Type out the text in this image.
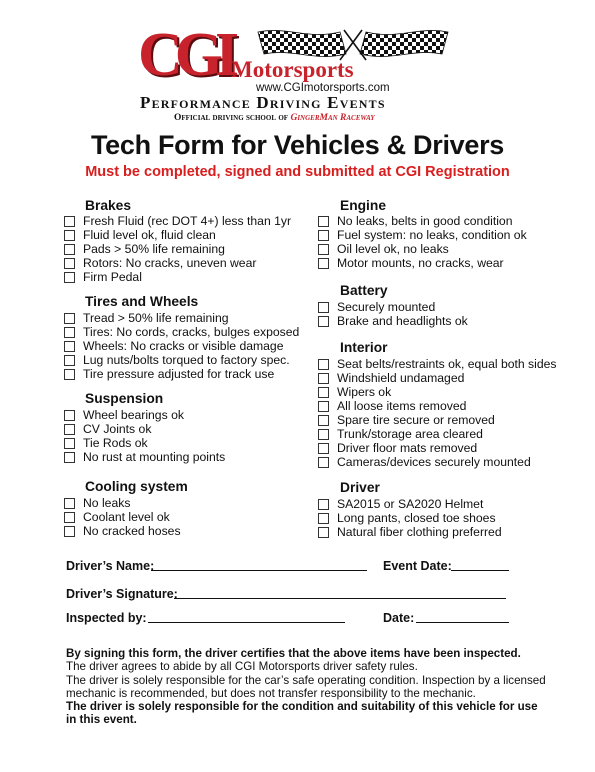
CGI Motorsports
www.CGImotorsports.com
Performance Driving Events
Official driving school of GingerMan Raceway
Tech Form for Vehicles & Drivers
Must be completed, signed and submitted at CGI Registration
Brakes
Fresh Fluid (rec DOT 4+) less than 1yr
Fluid level ok, fluid clean
Pads > 50% life remaining
Rotors: No cracks, uneven wear
Firm Pedal
Tires and Wheels
Tread > 50% life remaining
Tires: No cords, cracks, bulges exposed
Wheels: No cracks or visible damage
Lug nuts/bolts torqued to factory spec.
Tire pressure adjusted for track use
Suspension
Wheel bearings ok
CV Joints ok
Tie Rods ok
No rust at mounting points
Cooling system
No leaks
Coolant level ok
No cracked hoses
Engine
No leaks, belts in good condition
Fuel system: no leaks, condition ok
Oil level ok, no leaks
Motor mounts, no cracks, wear
Battery
Securely mounted
Brake and headlights ok
Interior
Seat belts/restraints ok, equal both sides
Windshield undamaged
Wipers ok
All loose items removed
Spare tire secure or removed
Trunk/storage area cleared
Driver floor mats removed
Cameras/devices securely mounted
Driver
SA2015 or SA2020 Helmet
Long pants, closed toe shoes
Natural fiber clothing preferred
Driver’s Name:	Event Date:
Driver’s Signature:
Inspected by:	Date:

By signing this form, the driver certifies that the above items have been inspected.

The driver agrees to abide by all CGI Motorsports driver safety rules.

The driver is solely responsible for the car’s safe operating condition. Inspection by a licensed mechanic is recommended, but does not transfer responsibility to the mechanic.

The driver is solely responsible for the condition and suitability of this vehicle for use in this event.
